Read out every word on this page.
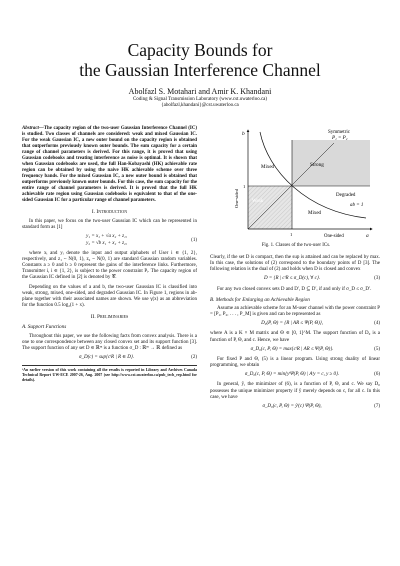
Capacity Bounds for
the Gaussian Interference Channel
Abolfazl S. Motahari and Amir K. Khandani
Coding & Signal Transmission Laboratory (www.cst.uwaterloo.ca)
{abolfazl,khandani}@cst.uwaterloo.ca
Abstract—The capacity region of the two-user Gaussian Interference Channel (IC) is studied. Two classes of channels are considered: weak and mixed Gaussian IC. For the weak Gaussian IC, a new outer bound on the capacity region is obtained that outperforms previously known outer bounds. The sum capacity for a certain range of channel parameters is derived. For this range, it is proved that using Gaussian codebooks and treating interference as noise is optimal. It is shown that when Gaussian codebooks are used, the full Han-Kobayashi (HK) achievable rate region can be obtained by using the naive HK achievable scheme over three frequency bands. For the mixed Gaussian IC, a new outer bound is obtained that outperforms previously known outer bounds. For this case, the sum capacity for the entire range of channel parameters is derived. It is proved that the full HK achievable rate region using Gaussian codebooks is equivalent to that of the one-sided Gaussian IC for a particular range of channel parameters.
I. Introduction

In this paper, we focus on the two-user Gaussian IC which can be represented in standard form as [1]

y₁ = x₁ + √a x₂ + z₁,
y₂ = √b x₁ + x₂ + z₂,
(1)

where xᵢ and yᵢ denote the input and output alphabets of User i ∈ {1, 2}, respectively, and z₁ ~ N(0, 1), z₂ ~ N(0, 1) are standard Gaussian random variables. Constants a ≥ 0 and b ≥ 0 represent the gains of the interference links. Furthermore, Transmitter i, i ∈ {1, 2}, is subject to the power constraint Pᵢ. The capacity region of the Gaussian IC defined in [2] is denoted by 𝒞.

Depending on the values of a and b, the two-user Gaussian IC is classified into weak, strong, mixed, one-sided, and degraded Gaussian IC. In Figure 1, regions in ab-plane together with their associated names are shown. We use γ(x) as an abbreviation for the function 0.5 log₂(1 + x).

II. Preliminaries
A. Support Functions

Throughout this paper, we use the following facts from convex analysis. There is a one to one correspondence between any closed convex set and its support function [3]. The support function of any set D ∈ ℝᵐ is a function σ_D : ℝᵐ → ℝ defined as

σ_D(c) = sup{cᵗR | R ∈ D}.	(2)
¹An earlier version of this work containing all the results is reported in Library and Archives Canada Technical Report UW-ECE 2007-26, Aug. 2007 (see http://www.cst.uwaterloo.ca/pub_tech_rep.html for details).
Symmetric
P₁ = P₂
Strong
Mixed
Weak
Mixed
Degraded
ab = 1
One-sided
One-sided	a
b
1
1
Fig. 1. Classes of the two-user ICs.

Clearly, if the set D is compact, then the sup is attained and can be replaced by max. In this case, the solutions of (2) correspond to the boundary points of D [3]. The following relation is the dual of (2) and holds when D is closed and convex

D = {R | cᵗR ≤ σ_D(c), ∀ c}.	(3)

For any two closed convex sets D and D′, D ⊆ D′, if and only if σ_D ≤ σ_D′.

B. Methods for Enlarging an Achievable Region

Assume an achievable scheme for an M-user channel with the power constraint P = [P₁, P₂, . . . , P_M] is given and can be represented as

D₀(P, Θ) = {R | AR ≤ Ψ(P, Θ)},	(4)

where A is a K × M matrix and Θ ∈ [0, 1]^M. The support function of D₀ is a function of P, Θ, and c. Hence, we have

σ_D₀(c, P, Θ) = max{cᵗR | AR ≤ Ψ(P, Θ)}.	(5)

For fixed P and Θ, (5) is a linear program. Using strong duality of linear programming, we obtain

σ_D₀(c, P, Θ) = min{yᵗΨ(P, Θ) | Aᵗy = c, y ≥ 0}.	(6)

In general, ŷ, the minimizer of (6), is a function of P, Θ, and c. We say D₀ possesses the unique minimizer property if ŷ merely depends on c, for all c. In this case, we have

σ_D₀(c, P, Θ) = ŷᵗ(c) Ψ(P, Θ),	(7)
